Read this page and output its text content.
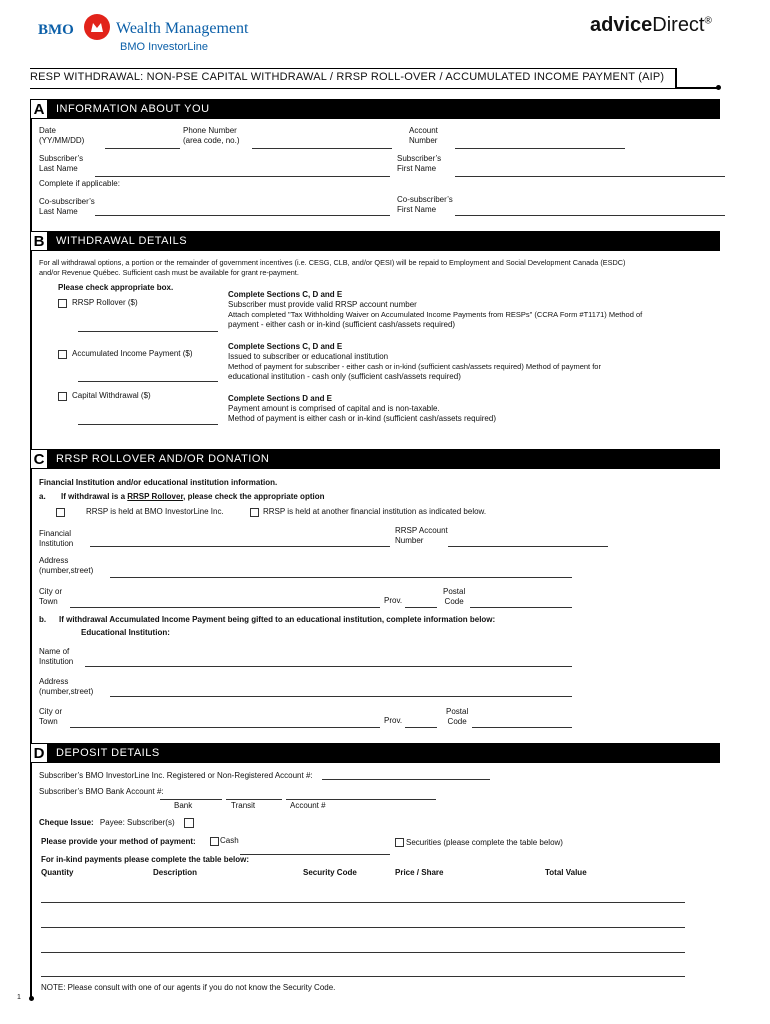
BMO	Wealth Management
BMO InvestorLine
adviceDirect®
RESP WITHDRAWAL: NON-PSE CAPITAL WITHDRAWAL / RRSP ROLL-OVER / ACCUMULATED INCOME PAYMENT (AIP)
A	INFORMATION ABOUT YOU
Date
(YY/MM/DD)
Phone Number
(area code, no.)
Account
Number
Subscriber’s
Last Name
Subscriber’s
First Name
Complete if applicable:
Co-subscriber’s
Last Name
Co-subscriber’s
First Name
B	WITHDRAWAL DETAILS
For all withdrawal options, a portion or the remainder of government incentives (i.e. CESG, CLB, and/or QESI) will be repaid to Employment and Social Development Canada (ESDC)
and/or Revenue Québec. Sufficient cash must be available for grant re-payment.
Please check appropriate box.
RRSP Rollover ($)
Complete Sections C, D and E
Subscriber must provide valid RRSP account number
Attach completed "Tax Withholding Waiver on Accumulated Income Payments from RESPs" (CCRA Form #T1171) Method of
payment - either cash or in-kind (sufficient cash/assets required)
Accumulated Income Payment ($)
Complete Sections C, D and E
Issued to subscriber or educational institution
Method of payment for subscriber - either cash or in-kind (sufficient cash/assets required) Method of payment for
educational institution - cash only (sufficient cash/assets required)
Capital Withdrawal ($)	Complete Sections D and E
Payment amount is comprised of capital and is non-taxable.
Method of payment is either cash or in-kind (sufficient cash/assets required)
C	RRSP ROLLOVER AND/OR DONATION
Financial Institution and/or educational institution information.
a. If withdrawal is a RRSP Rollover, please check the appropriate option
RRSP is held at BMO InvestorLine Inc.	RRSP is held at another financial institution as indicated below.
Financial
Institution
RRSP Account
Number
Address
(number,street)
City or
Town	Prov.
Postal
Code
b. If withdrawal Accumulated Income Payment being gifted to an educational institution, complete information below:
Educational Institution:
Name of
Institution
Address
(number,street)
City or
Town	Prov.
Postal
Code
D	DEPOSIT DETAILS
Subscriber’s BMO InvestorLine Inc. Registered or Non-Registered Account #:
Subscriber’s BMO Bank Account #:
Bank	Transit	Account #
Cheque Issue: Payee: Subscriber(s)
Please provide your method of payment:	Cash	Securities (please complete the table below)
For in-kind payments please complete the table below:
Quantity	Description	Security Code	Price / Share	Total Value
NOTE: Please consult with one of our agents if you do not know the Security Code.
1
